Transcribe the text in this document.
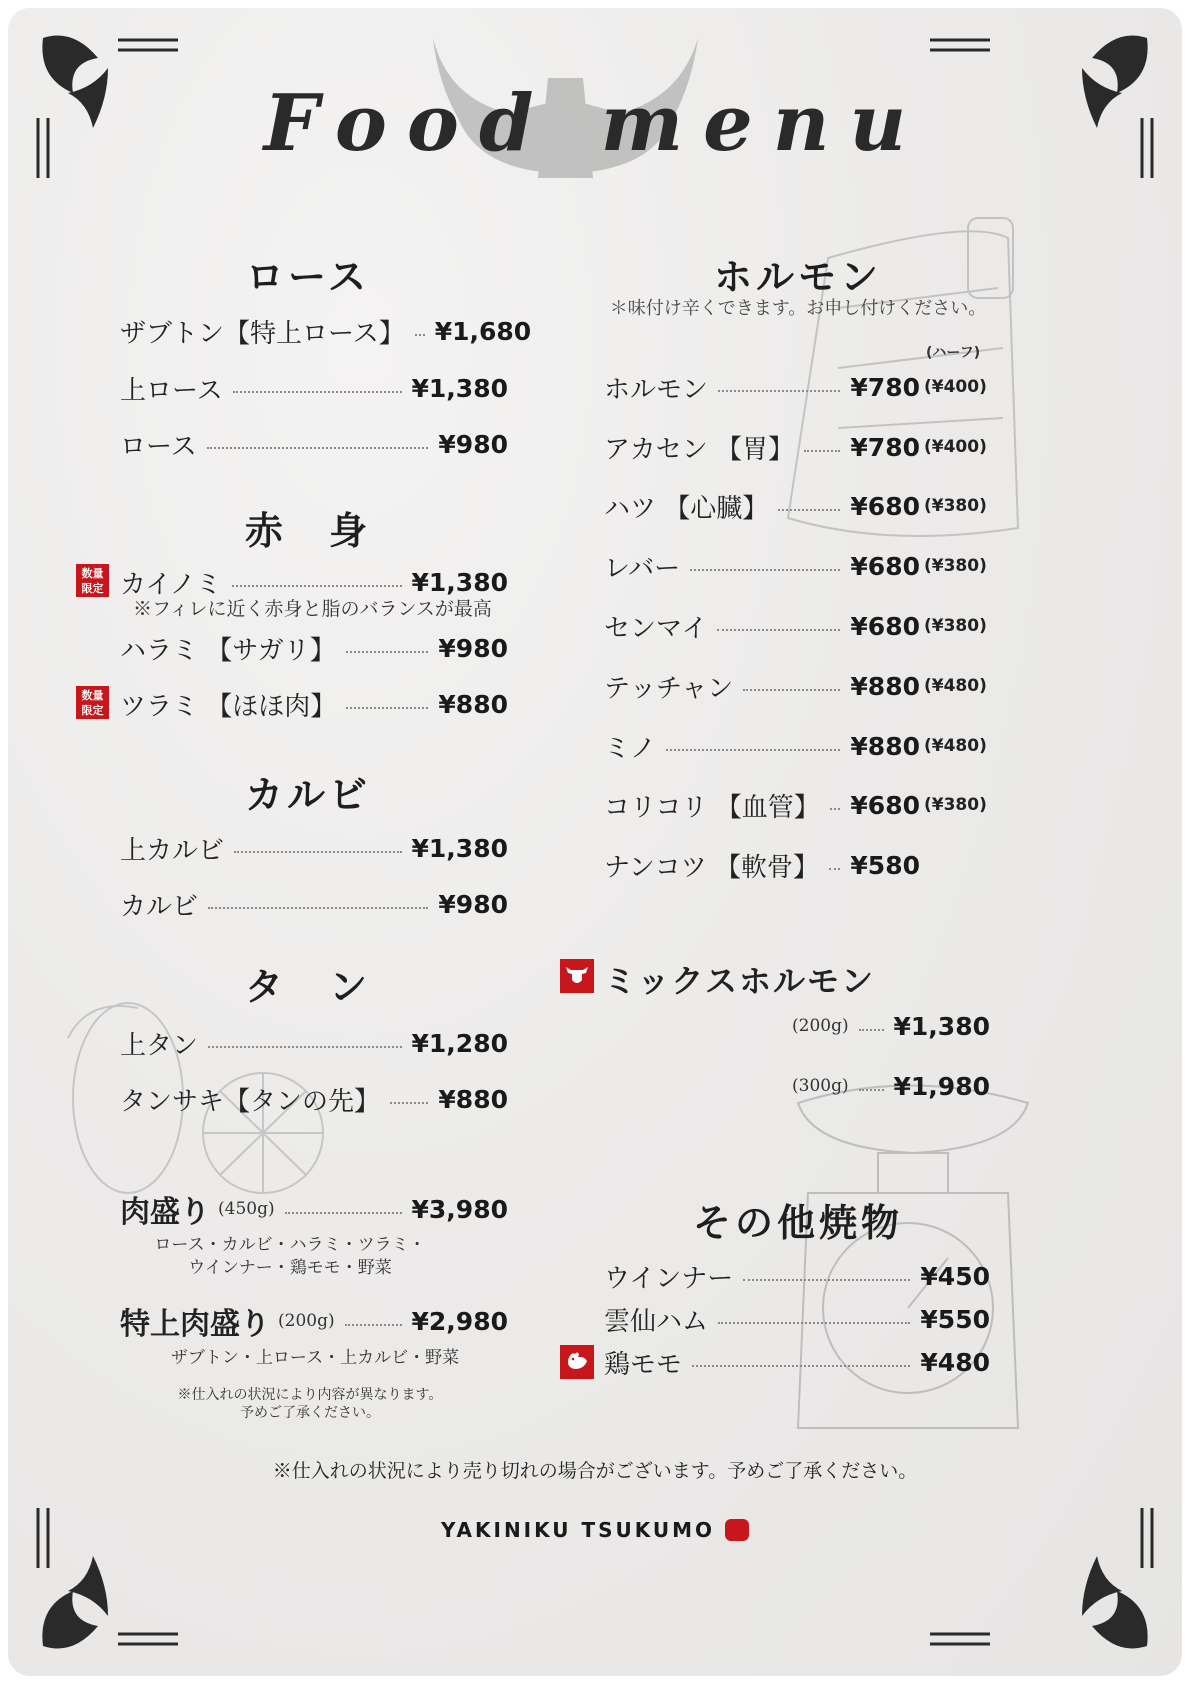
Food menu
ロース
ザブトン【特上ロース】 ¥1,680
上ロース	¥1,380
ロース	¥980
赤　身
数量
限定 カイノミ	¥1,380
※フィレに近く赤身と脂のバランスが最高
ハラミ 【サガリ】	¥980
数量
限定 ツラミ 【ほほ肉】	¥880
カルビ
上カルビ	¥1,380
カルビ	¥980
タ　ン
上タン	¥1,280
タンサキ【タンの先】 ¥880
肉盛り (450g)	¥3,980
ロース・カルビ・ハラミ・ツラミ・
ウインナー・鶏モモ・野菜
特上肉盛り (200g)	¥2,980
ザブトン・上ロース・上カルビ・野菜
※仕入れの状況により内容が異なります。
予めご了承ください。
ホルモン
＊味付け辛くできます。お申し付けください。
(ハーフ)
ホルモン	¥780 (¥400)
アカセン 【胃】 ¥780 (¥400)
ハツ 【心臓】	¥680 (¥380)
レバー	¥680 (¥380)
センマイ	¥680 (¥380)
テッチャン	¥880 (¥480)
ミノ	¥880 (¥480)
コリコリ 【血管】 ¥680 (¥380)
ナンコツ 【軟骨】 ¥580
ミックスホルモン
(200g) ¥1,380
(300g) ¥1,980
その他焼物
ウインナー	¥450
雲仙ハム	¥550
鶏モモ	¥480
※仕入れの状況により売り切れの場合がございます。予めご了承ください。
YAKINIKU TSUKUMO
